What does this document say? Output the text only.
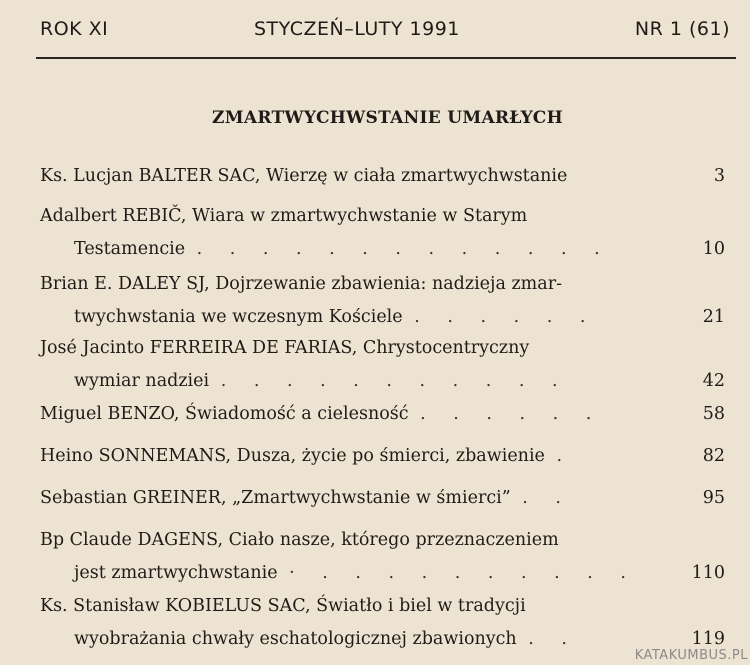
ROK XI	STYCZEŃ–LUTY 1991	NR 1 (61)
ZMARTWYCHWSTANIE UMARŁYCH
Ks. Lucjan BALTER SAC, Wierzę w ciała zmartwychwstanie	3
Adalbert REBIČ, Wiara w zmartwychwstanie w Starym
Testamencie . . . . . . . . . . . . .	10
Brian E. DALEY SJ, Dojrzewanie zbawienia: nadzieja zmar-
twychwstania we wczesnym Kościele . . . . . .	21
José Jacinto FERREIRA DE FARIAS, Chrystocentryczny
wymiar nadziei . . . . . . . . . . .	42
Miguel BENZO, Świadomość a cielesność . . . . . .	58
Heino SONNEMANS, Dusza, życie po śmierci, zbawienie .	82
Sebastian GREINER, „Zmartwychwstanie w śmierci” . .	95
Bp Claude DAGENS, Ciało nasze, którego przeznaczeniem
jest zmartwychwstanie · . . . . . . . . . .	110
Ks. Stanisław KOBIELUS SAC, Światło i biel w tradycji
wyobrażania chwały eschatologicznej zbawionych . .	119
KATAKUMBUS.PL
